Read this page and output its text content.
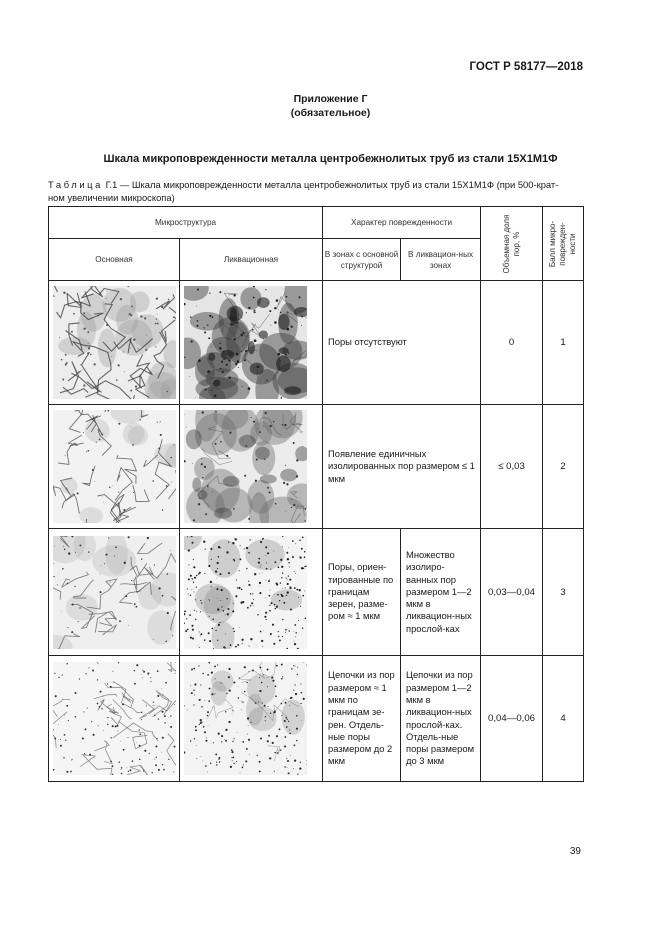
ГОСТ Р 58177—2018
Приложение Г
(обязательное)
Шкала микроповрежденности металла центробежнолитых труб из стали 15Х1М1Ф
Таблица Г.1 — Шкала микроповрежденности металла центробежнолитых труб из стали 15Х1М1Ф (при 500-крат-
ном увеличении микроскопа)
Микроструктура		Характер поврежденности		Объемная доля пор, %	Балл микро-поврежден-ности

Основная	Ликвационная	В зонах с основной структурой	В ликвацион-ных зонах		

	Поры отсутствуют		0	1

	Появление единичных изолированных пор размером ≤ 1 мкм		≤ 0,03	2

	Поры, ориен-тированные по границам зерен, разме-ром ≈ 1 мкм	Множество изолиро-ванных пор размером 1—2 мкм в ликвацион-ных прослой-ках	0,03—0,04	3

	Цепочки из пор размером ≈ 1 мкм по границам зе-рен. Отдель-ные поры размером до 2 мкм	Цепочки из пор размером 1—2 мкм в ликвацион-ных прослой-ках. Отдель-ные поры размером до 3 мкм	0,04—0,06	4
39
